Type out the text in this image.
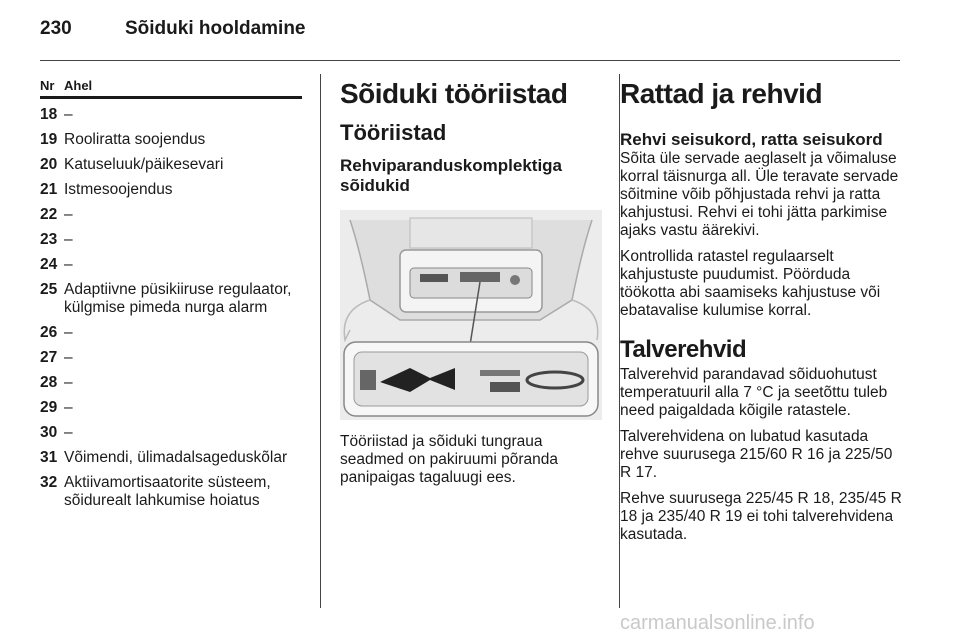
230	Sõiduki hooldamine
Nr Ahel
18 –
19 Rooliratta soojendus
20 Katuseluuk/päikesevari
21 Istmesoojendus
22 –
23 –
24 –
25 Adaptiivne püsikiiruse regulaator, külgmise pimeda nurga alarm
26 –
27 –
28 –
29 –
30 –
31 Võimendi, ülimadalsageduskõlar
32 Aktiivamortisaatorite süsteem, sõidurealt lahkumise hoiatus
Sõiduki tööriistad
Tööriistad
Rehviparanduskomplektiga sõidukid
Tööriistad ja sõiduki tungraua seadmed on pakiruumi põranda panipaigas tagaluugi ees.
Rattad ja rehvid
Rehvi seisukord, ratta seisukord

Sõita üle servade aeglaselt ja võimaluse korral täisnurga all. Üle teravate servade sõitmine võib põhjustada rehvi ja ratta kahjustusi. Rehvi ei tohi jätta parkimise ajaks vastu äärekivi.

Kontrollida ratastel regulaarselt kahjustuste puudumist. Pöörduda töökotta abi saamiseks kahjustuse või ebatavalise kulumise korral.

Talverehvid

Talverehvid parandavad sõiduohutust temperatuuril alla 7 °C ja seetõttu tuleb need paigaldada kõigile ratastele.

Talverehvidena on lubatud kasutada rehve suurusega 215/60 R 16 ja 225/50 R 17.

Rehve suurusega 225/45 R 18, 235/45 R 18 ja 235/40 R 19 ei tohi talverehvidena kasutada.

carmanualsonline.info
